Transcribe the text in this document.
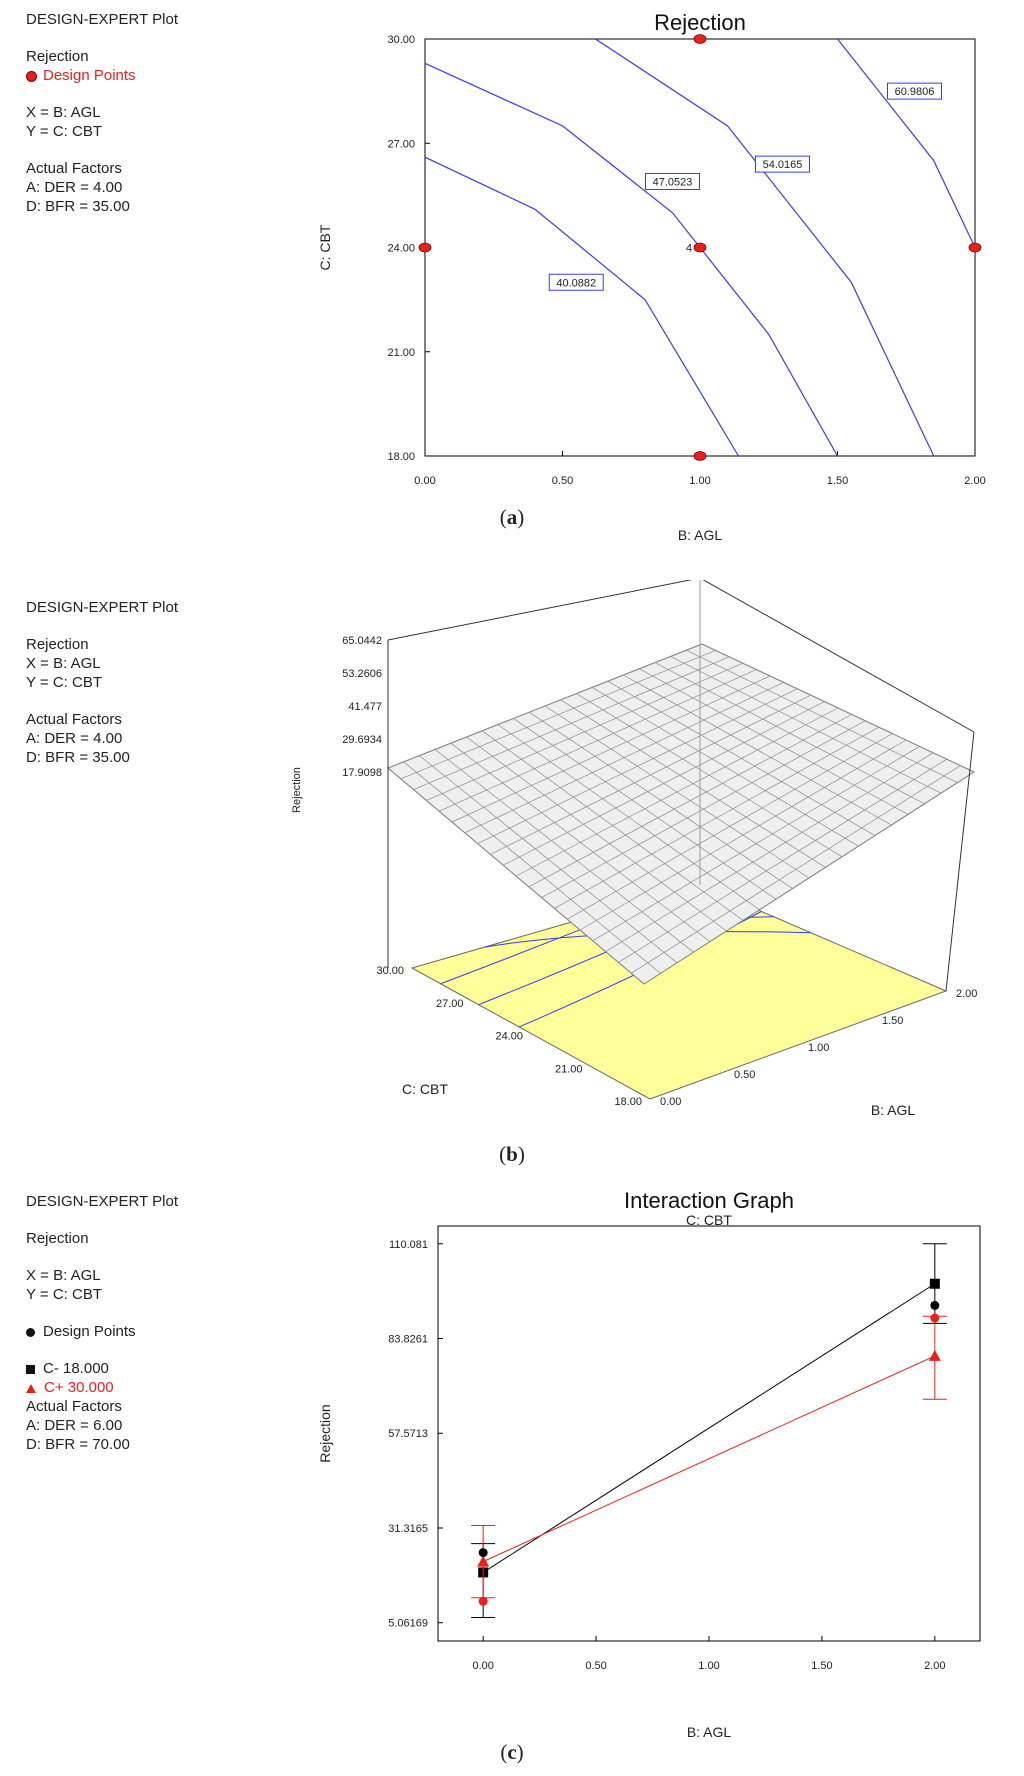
DESIGN-EXPERT Plot
Rejection
Design Points
X = B: AGL
Y = C: CBT
Actual Factors
A: DER = 4.00
D: BFR = 35.00
Rejection
0.00	0.50	1.00	1.50	2.00
18.00
21.00
24.00
27.00
30.00
B: AGL
C: CBT
40.0882
47.0523
54.0165
60.9806
4
(a)
DESIGN-EXPERT Plot
Rejection
X = B: AGL
Y = C: CBT
Actual Factors
A: DER = 4.00
D: BFR = 35.00
65.0442
53.2606
41.477
29.6934
17.9098
Rejection
30.00
27.00
24.00
21.00
18.00
C: CBT
0.00
0.50
1.00
1.50
2.00
B: AGL
(b)
DESIGN-EXPERT Plot
Rejection
X = B: AGL
Y = C: CBT
Design Points
C- 18.000
C+ 30.000
Actual Factors
A: DER = 6.00
D: BFR = 70.00
Interaction Graph
C: CBT
0.00	0.50	1.00	1.50	2.00
5.06169
31.3165
57.5713
83.8261
110.081
B: AGL
Rejection
(c)
